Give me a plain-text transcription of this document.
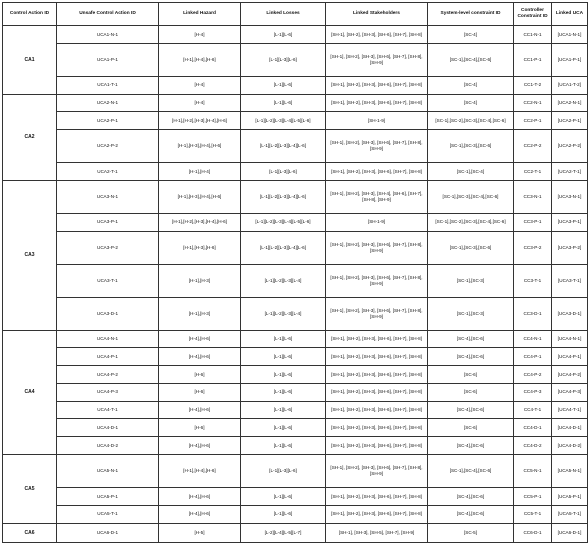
Control Action ID	Unsafe Control Action ID	Linked Hazard	Linked Losses	Linked Stakeholders	System-level constraint ID	Controller Constraint ID	Linked UCA
CA1	UCA1-N-1	[H-4]	[L-1][L-6]	[SH-1], [SH-2], [SH-3], [SH-6], [SH-7], [SH-8]	[SC-4]	CC1-N-1	[UCA1-N-1]
	UCA1-P-1	[H-1],[H-4],[H-6]	[L-1][L-3][L-6]	[SH-1], [SH-2], [SH-3], [SH-6], [SH-7], [SH-8], [SH-9]	[SC-1],[SC-4],[SC-6]	CC1-P-1	[UCA1-P-1]
	UCA1-T-1	[H-4]	[L-1][L-6]	[SH-1], [SH-2], [SH-3], [SH-6], [SH-7], [SH-8]	[SC-4]	CC1-T-2	[UCA1-T-2]
CA2	UCA2-N-1	[H-4]	[L-1][L-6]	[SH-1], [SH-2], [SH-3], [SH-6], [SH-7], [SH-8]	[SC-4]	CC2-N-1	[UCA2-N-1]
	UCA2-P-1	[H-1],[H-2],[H-3],[H-4],[H-6]	[L-1][L-2][L-3][L-4][L-5][L-6]	[SH-1-9]	[SC-1],[SC-2],[SC-3],[SC-4],[SC-6]	CC2-P-1	[UCA2-P-1]
	UCA2-P-2	[H-1],[H-3],[H-4],[H-6]	[L-1][L-2][L-3][L-4][L-6]	[SH-1], [SH-2], [SH-3], [SH-6], [SH-7], [SH-8], [SH-9]	[SC-1],[SC-3],[SC-6]	CC2-P-2	[UCA2-P-2]
	UCA2-T-1	[H-1],[H-4]	[L-1][L-3][L-6]	[SH-1], [SH-2], [SH-3], [SH-6], [SH-7], [SH-8]	[SC-1],[SC-4]	CC2-T-1	[UCA2-T-1]
CA3	UCA3-N-1	[H-1],[H-3],[H-4],[H-6]	[L-1][L-2][L-3][L-4][L-6]	[SH-1], [SH-2], [SH-3], [SH-4], [SH-6], [SH-7], [SH-8], [SH-9]	[SC-1],[SC-3],[SC-4],[SC-6]	CC3-N-1	[UCA3-N-1]
	UCA3-P-1	[H-1],[H-2],[H-3],[H-4],[H-6]	[L-1][L-2][L-3][L-4][L-5][L-6]	[SH-1-9]	[SC-1],[SC-2],[SC-3],[SC-4],[SC-6]	CC3-P-1	[UCA3-P-1]
	UCA3-P-2	[H-1],[H-3],[H-6]	[L-1][L-2][L-3][L-4][L-6]	[SH-1], [SH-2], [SH-3], [SH-6], [SH-7], [SH-8], [SH-9]	[SC-1],[SC-3],[SC-6]	CC3-P-2	[UCA3-P-2]
	UCA3-T-1	[H-1],[H-3]	[L-1][L-2][L-3][L-4]	[SH-1], [SH-2], [SH-3], [SH-6], [SH-7], [SH-8], [SH-9]	[SC-1],[SC-3]	CC3-T-1	[UCA3-T-1]
	UCA3-D-1	[H-1],[H-3]	[L-1][L-2][L-3][L-4]	[SH-1], [SH-2], [SH-3], [SH-6], [SH-7], [SH-8], [SH-9]	[SC-1],[SC-3]	CC3-D-1	[UCA3-D-1]
CA4	UCA4-N-1	[H-4],[H-6]	[L-1][L-6]	[SH-1], [SH-2], [SH-3], [SH-6], [SH-7], [SH-8]	[SC-4],[SC-6]	CC4-N-1	[UCA4-N-1]
	UCA4-P-1	[H-4],[H-6]	[L-1][L-6]	[SH-1], [SH-2], [SH-3], [SH-6], [SH-7], [SH-8]	[SC-4],[SC-6]	CC4-P-1	[UCA4-P-1]
	UCA4-P-2	[H-6]	[L-1][L-6]	[SH-1], [SH-2], [SH-3], [SH-6], [SH-7], [SH-8]	[SC-6]	CC4-P-2	[UCA4-P-2]
	UCA4-P-3	[H-6]	[L-1][L-6]	[SH-1], [SH-2], [SH-3], [SH-6], [SH-7], [SH-8]	[SC-6]	CC4-P-3	[UCA4-P-3]
	UCA4-T-1	[H-4],[H-6]	[L-1][L-6]	[SH-1], [SH-2], [SH-3], [SH-6], [SH-7], [SH-8]	[SC-4],[SC-6]	CC4-T-1	[UCA4-T-1]
	UCA4-D-1	[H-6]	[L-1][L-6]	[SH-1], [SH-2], [SH-3], [SH-6], [SH-7], [SH-8]	[SC-6]	CC4-D-1	[UCA4-D-1]
	UCA4-D-2	[H-4],[H-6]	[L-1][L-6]	[SH-1], [SH-2], [SH-3], [SH-6], [SH-7], [SH-8]	[SC-4],[SC-6]	CC4-D-2	[UCA4-D-2]
CA5	UCA5-N-1	[H-1],[H-4],[H-6]	[L-1][L-3][L-6]	[SH-1], [SH-2], [SH-3], [SH-6], [SH-7], [SH-8], [SH-9]	[SC-1],[SC-4],[SC-6]	CC5-N-1	[UCA5-N-1]
	UCA5-P-1	[H-4],[H-6]	[L-1][L-6]	[SH-1], [SH-2], [SH-3], [SH-6], [SH-7], [SH-8]	[SC-4],[SC-6]	CC5-P-1	[UCA5-P-1]
	UCA5-T-1	[H-4],[H-6]	[L-1][L-6]	[SH-1], [SH-2], [SH-3], [SH-6], [SH-7], [SH-8]	[SC-4],[SC-6]	CC5-T-1	[UCA5-T-1]
CA6	UCA6-D-1	[H-5]	[L-2][L-4][L-5][L-7]	[SH-1], [SH-3], [SH-5], [SH-7], [SH-9]	[SC-5]	CC6-D-1	[UCA6-D-1]
